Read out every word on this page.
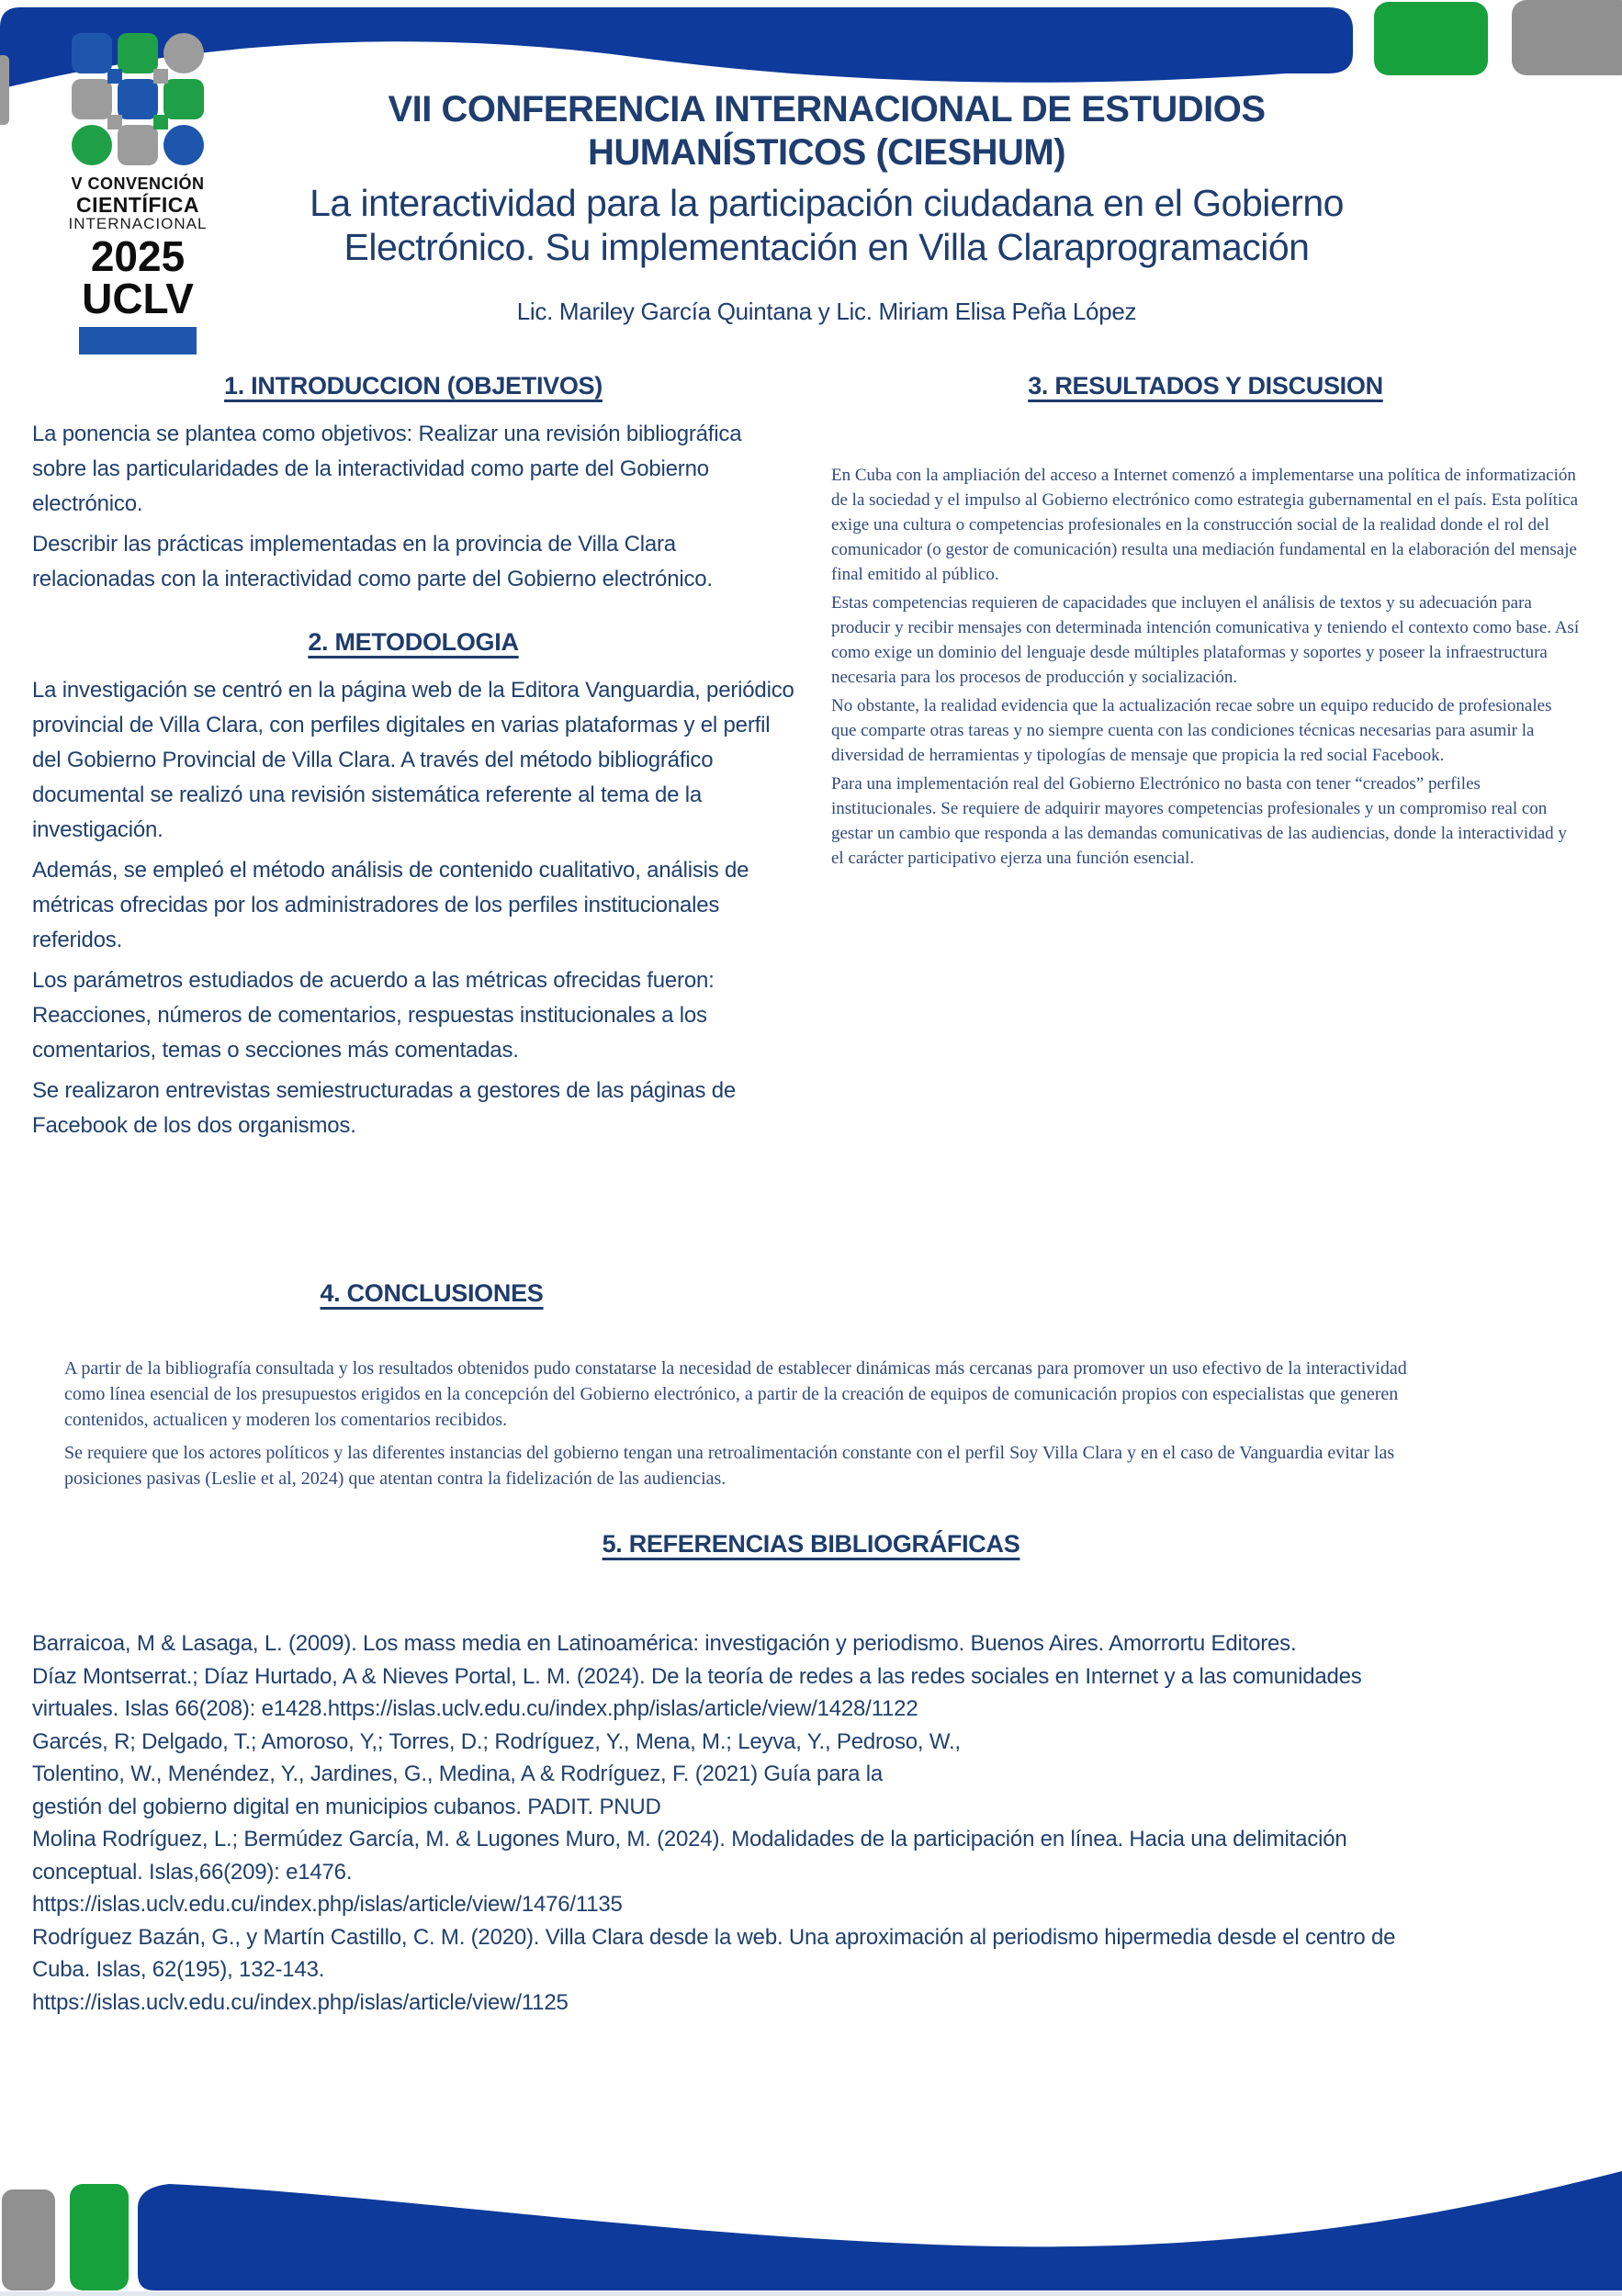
V CONVENCIÓN
CIENTÍFICA
INTERNACIONAL
2025
UCLV
VII CONFERENCIA INTERNACIONAL DE ESTUDIOS HUMANÍSTICOS (CIESHUM)
La interactividad para la participación ciudadana en el Gobierno Electrónico. Su implementación en Villa Claraprogramación
Lic. Mariley García Quintana y Lic. Miriam Elisa Peña López
1. INTRODUCCION (OBJETIVOS)

La ponencia se plantea como objetivos: Realizar una revisión bibliográfica sobre las particularidades de la interactividad como parte del Gobierno electrónico.

Describir las prácticas implementadas en la provincia de Villa Clara relacionadas con la interactividad como parte del Gobierno electrónico.

2. METODOLOGIA

La investigación se centró en la página web de la Editora Vanguardia, periódico provincial de Villa Clara, con perfiles digitales en varias plataformas y el perfil del Gobierno Provincial de Villa Clara. A través del método bibliográfico documental se realizó una revisión sistemática referente al tema de la investigación.

Además, se empleó el método análisis de contenido cualitativo, análisis de métricas ofrecidas por los administradores de los perfiles institucionales referidos.

Los parámetros estudiados de acuerdo a las métricas ofrecidas fueron: Reacciones, números de comentarios, respuestas institucionales a los comentarios, temas o secciones más comentadas.

Se realizaron entrevistas semiestructuradas a gestores de las páginas de Facebook de los dos organismos.

3. RESULTADOS Y DISCUSION

En Cuba con la ampliación del acceso a Internet comenzó a implementarse una política de informatización de la sociedad y el impulso al Gobierno electrónico como estrategia gubernamental en el país. Esta política exige una cultura o competencias profesionales en la construcción social de la realidad donde el rol del comunicador (o gestor de comunicación) resulta una mediación fundamental en la elaboración del mensaje final emitido al público.

Estas competencias requieren de capacidades que incluyen el análisis de textos y su adecuación para producir y recibir mensajes con determinada intención comunicativa y teniendo el contexto como base. Así como exige un dominio del lenguaje desde múltiples plataformas y soportes y poseer la infraestructura necesaria para los procesos de producción y socialización.

No obstante, la realidad evidencia que la actualización recae sobre un equipo reducido de profesionales que comparte otras tareas y no siempre cuenta con las condiciones técnicas necesarias para asumir la diversidad de herramientas y tipologías de mensaje que propicia la red social Facebook.

Para una implementación real del Gobierno Electrónico no basta con tener “creados” perfiles institucionales. Se requiere de adquirir mayores competencias profesionales y un compromiso real con gestar un cambio que responda a las demandas comunicativas de las audiencias, donde la interactividad y el carácter participativo ejerza una función esencial.

4. CONCLUSIONES

A partir de la bibliografía consultada y los resultados obtenidos pudo constatarse la necesidad de establecer dinámicas más cercanas para promover un uso efectivo de la interactividad como línea esencial de los presupuestos erigidos en la concepción del Gobierno electrónico, a partir de la creación de equipos de comunicación propios con especialistas que generen contenidos, actualicen y moderen los comentarios recibidos.

Se requiere que los actores políticos y las diferentes instancias del gobierno tengan una retroalimentación constante con el perfil Soy Villa Clara y en el caso de Vanguardia evitar las posiciones pasivas (Leslie et al, 2024) que atentan contra la fidelización de las audiencias.

5. REFERENCIAS BIBLIOGRÁFICAS
Barraicoa, M & Lasaga, L. (2009). Los mass media en Latinoamérica: investigación y periodismo. Buenos Aires. Amorrortu Editores.
Díaz Montserrat.; Díaz Hurtado, A & Nieves Portal, L. M. (2024). De la teoría de redes a las redes sociales en Internet y a las comunidades
virtuales. Islas 66(208): e1428.https://islas.uclv.edu.cu/index.php/islas/article/view/1428/1122
Garcés, R; Delgado, T.; Amoroso, Y,; Torres, D.; Rodríguez, Y., Mena, M.; Leyva, Y., Pedroso, W.,
Tolentino, W., Menéndez, Y., Jardines, G., Medina, A & Rodríguez, F. (2021) Guía para la
gestión del gobierno digital en municipios cubanos. PADIT. PNUD
Molina Rodríguez, L.; Bermúdez García, M. & Lugones Muro, M. (2024). Modalidades de la participación en línea. Hacia una delimitación
conceptual. Islas,66(209): e1476.
https://islas.uclv.edu.cu/index.php/islas/article/view/1476/1135
Rodríguez Bazán, G., y Martín Castillo, C. M. (2020). Villa Clara desde la web. Una aproximación al periodismo hipermedia desde el centro de
Cuba. Islas, 62(195), 132-143.
https://islas.uclv.edu.cu/index.php/islas/article/view/1125
